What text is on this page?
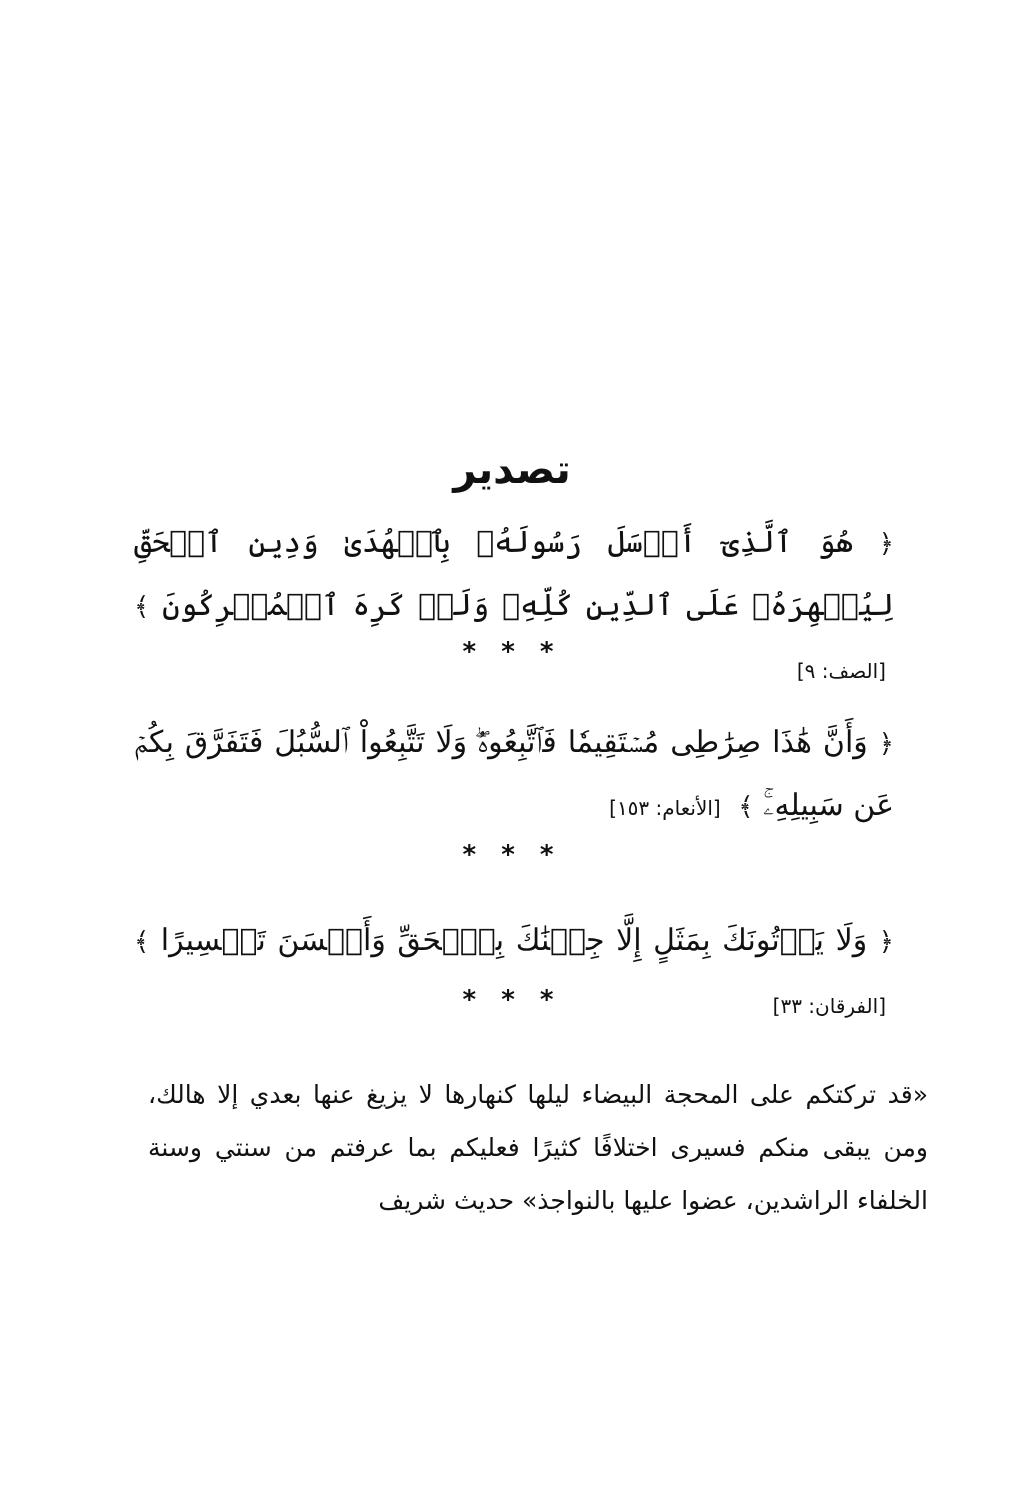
تصدير
﴿ هُوَ ٱلَّذِىٓ أَرۡسَلَ رَسُولَهُۥ بِٱلۡهُدَىٰ وَدِينِ ٱلۡحَقِّ لِيُظۡهِرَهُۥ عَلَى ٱلدِّينِ كُلِّهِۦ وَلَوۡ كَرِهَ ٱلۡمُشۡرِكُونَ ﴾ [الصف: ٩]
* * *
﴿ وَأَنَّ هَٰذَا صِرَٰطِى مُسۡتَقِيمٗا فَٱتَّبِعُوهُۖ وَلَا تَتَّبِعُواْ ٱلسُّبُلَ فَتَفَرَّقَ بِكُمۡ عَن سَبِيلِهِۦۚ ﴾ [الأنعام: ١٥٣]
* * *
﴿ وَلَا يَأۡتُونَكَ بِمَثَلٍ إِلَّا جِئۡنَٰكَ بِٱلۡحَقِّ وَأَحۡسَنَ تَفۡسِيرًا ﴾ [الفرقان: ٣٣]
* * *
«قد تركتكم على المحجة البيضاء ليلها كنهارها لا يزيغ عنها بعدي إلا هالك، ومن يبقى منكم فسيرى اختلافًا كثيرًا فعليكم بما عرفتم من سنتي وسنة الخلفاء الراشدين، عضوا عليها بالنواجذ» حديث شريف
